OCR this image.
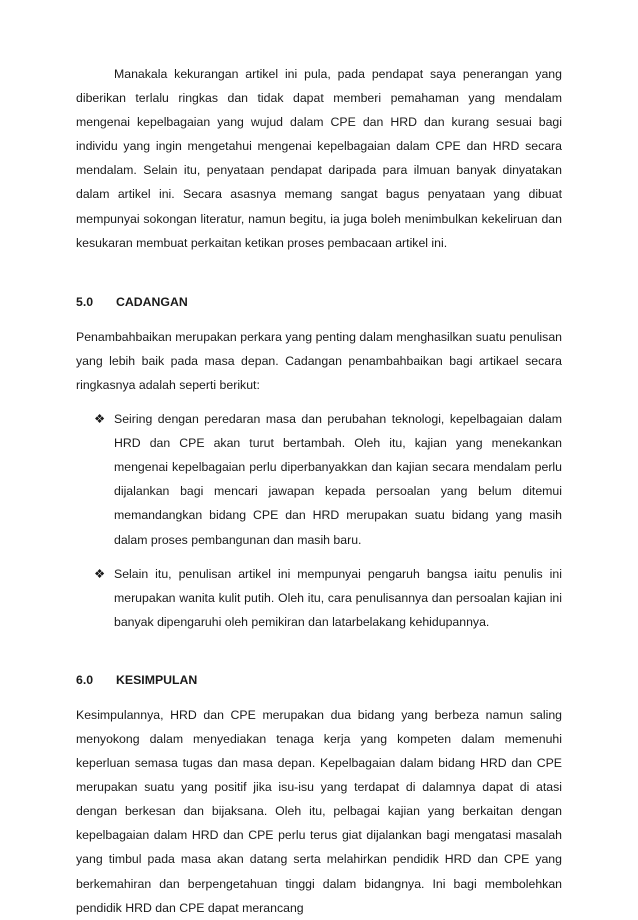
Manakala kekurangan artikel ini pula, pada pendapat saya penerangan yang diberikan terlalu ringkas dan tidak dapat memberi pemahaman yang mendalam mengenai kepelbagaian yang wujud dalam CPE dan HRD dan kurang sesuai bagi individu yang ingin mengetahui mengenai kepelbagaian dalam CPE dan HRD secara mendalam. Selain itu, penyataan pendapat daripada para ilmuan banyak dinyatakan dalam artikel ini. Secara asasnya memang sangat bagus penyataan yang dibuat mempunyai sokongan literatur, namun begitu, ia juga boleh menimbulkan kekeliruan dan kesukaran membuat perkaitan ketikan proses pembacaan artikel ini.

5.0	CADANGAN

Penambahbaikan merupakan perkara yang penting dalam menghasilkan suatu penulisan yang lebih baik pada masa depan. Cadangan penambahbaikan bagi artikael secara ringkasnya adalah seperti berikut:

❖ Seiring dengan peredaran masa dan perubahan teknologi, kepelbagaian dalam HRD dan CPE akan turut bertambah. Oleh itu, kajian yang menekankan mengenai kepelbagaian perlu diperbanyakkan dan kajian secara mendalam perlu dijalankan bagi mencari jawapan kepada persoalan yang belum ditemui memandangkan bidang CPE dan HRD merupakan suatu bidang yang masih dalam proses pembangunan dan masih baru.

❖ Selain itu, penulisan artikel ini mempunyai pengaruh bangsa iaitu penulis ini merupakan wanita kulit putih. Oleh itu, cara penulisannya dan persoalan kajian ini banyak dipengaruhi oleh pemikiran dan latarbelakang kehidupannya.

6.0	KESIMPULAN

Kesimpulannya, HRD dan CPE merupakan dua bidang yang berbeza namun saling menyokong dalam menyediakan tenaga kerja yang kompeten dalam memenuhi keperluan semasa tugas dan masa depan. Kepelbagaian dalam bidang HRD dan CPE merupakan suatu yang positif jika isu-isu yang terdapat di dalamnya dapat di atasi dengan berkesan dan bijaksana. Oleh itu, pelbagai kajian yang berkaitan dengan kepelbagaian dalam HRD dan CPE perlu terus giat dijalankan bagi mengatasi masalah yang timbul pada masa akan datang serta melahirkan pendidik HRD dan CPE yang berkemahiran dan berpengetahuan tinggi dalam bidangnya. Ini bagi membolehkan pendidik HRD dan CPE dapat merancang
